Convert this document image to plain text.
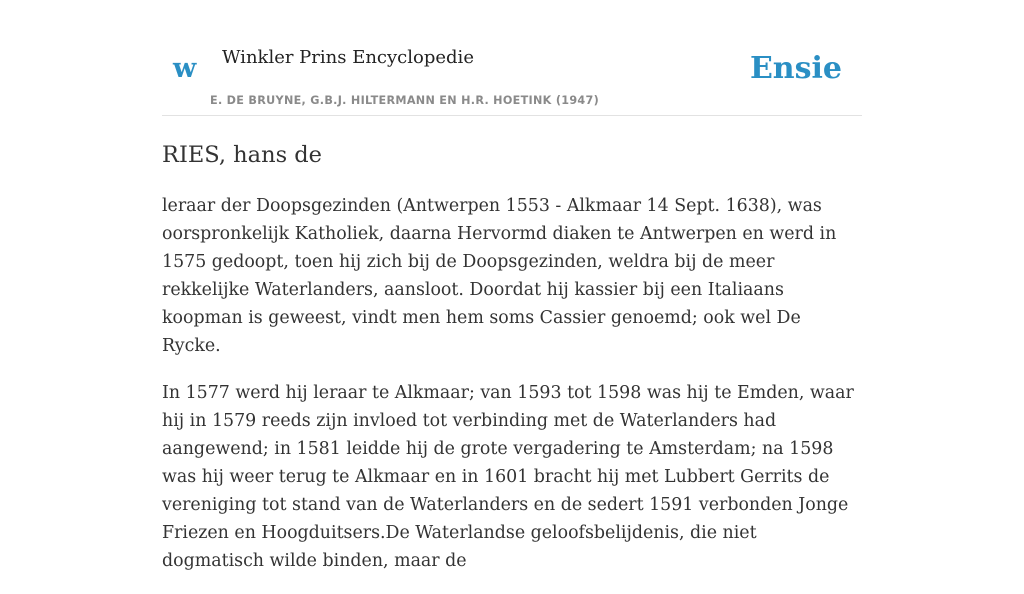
w Winkler Prins Encyclopedie
E. DE BRUYNE, G.B.J. HILTERMANN EN H.R. HOETINK (1947)
Ensie
RIES, hans de

leraar der Doopsgezinden (Antwerpen 1553 - Alkmaar 14 Sept. 1638), was oorspronkelijk Katholiek, daarna Hervormd diaken te Antwerpen en werd in 1575 gedoopt, toen hij zich bij de Doopsgezinden, weldra bij de meer rekkelijke Waterlanders, aansloot. Doordat hij kassier bij een Italiaans koopman is geweest, vindt men hem soms Cassier genoemd; ook wel De Rycke.

In 1577 werd hij leraar te Alkmaar; van 1593 tot 1598 was hij te Emden, waar hij in 1579 reeds zijn invloed tot verbinding met de Waterlanders had aangewend; in 1581 leidde hij de grote vergadering te Amsterdam; na 1598 was hij weer terug te Alkmaar en in 1601 bracht hij met Lubbert Gerrits de vereniging tot stand van de Waterlanders en de sedert 1591 verbonden Jonge Friezen en Hoogduitsers.De Waterlandse geloofsbelijdenis, die niet dogmatisch wilde binden, maar de
